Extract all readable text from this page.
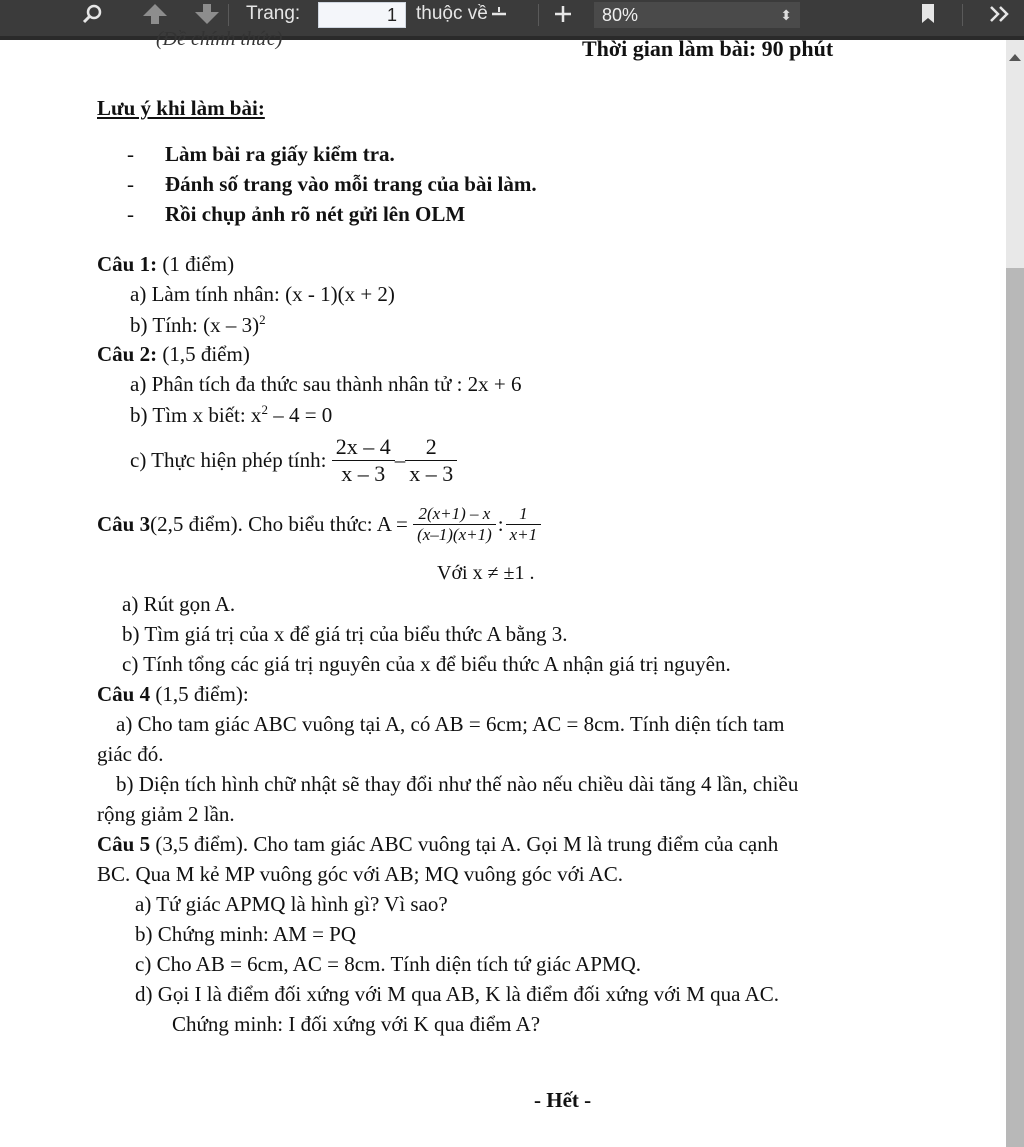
Trang:	1	thuộc về	80%	⬍
(Đề chính thức)	Thời gian làm bài: 90 phút
Lưu ý khi làm bài:
- Làm bài ra giấy kiểm tra.
- Đánh số trang vào mỗi trang của bài làm.
- Rồi chụp ảnh rõ nét gửi lên OLM
Câu 1: (1 điểm)
a) Làm tính nhân: (x - 1)(x + 2)
b) Tính: (x – 3)$^2$
Câu 2: (1,5 điểm)
a) Phân tích đa thức sau thành nhân tử : 2x + 6
b) Tìm x biết: $x^2 - 4 = 0$
c) Thực hiện phép tính:
$\frac{2x - 4}{x - 3} - \frac{2}{x - 3}$
Câu 3 (2,5 điểm). Cho biểu thức: A =
$\frac{2(x+1) - x}{(x-1)(x+1)}$ : $\frac{1}{x+1}$
Với x ≠ ±1 .
a) Rút gọn A.
b) Tìm giá trị của x để giá trị của biểu thức A bằng 3.
c) Tính tổng các giá trị nguyên của x để biểu thức A nhận giá trị nguyên.
Câu 4 (1,5 điểm):
a) Cho tam giác ABC vuông tại A, có AB = 6cm; AC = 8cm. Tính diện tích tam
giác đó.
b) Diện tích hình chữ nhật sẽ thay đổi như thế nào nếu chiều dài tăng 4 lần, chiều
rộng giảm 2 lần.
Câu 5 (3,5 điểm). Cho tam giác ABC vuông tại A. Gọi M là trung điểm của cạnh
BC. Qua M kẻ MP vuông góc với AB; MQ vuông góc với AC.
a) Tứ giác APMQ là hình gì? Vì sao?
b) Chứng minh: AM = PQ
c) Cho AB = 6cm, AC = 8cm. Tính diện tích tứ giác APMQ.
d) Gọi I là điểm đối xứng với M qua AB, K là điểm đối xứng với M qua AC.
Chứng minh: I đối xứng với K qua điểm A?
- Hết -
